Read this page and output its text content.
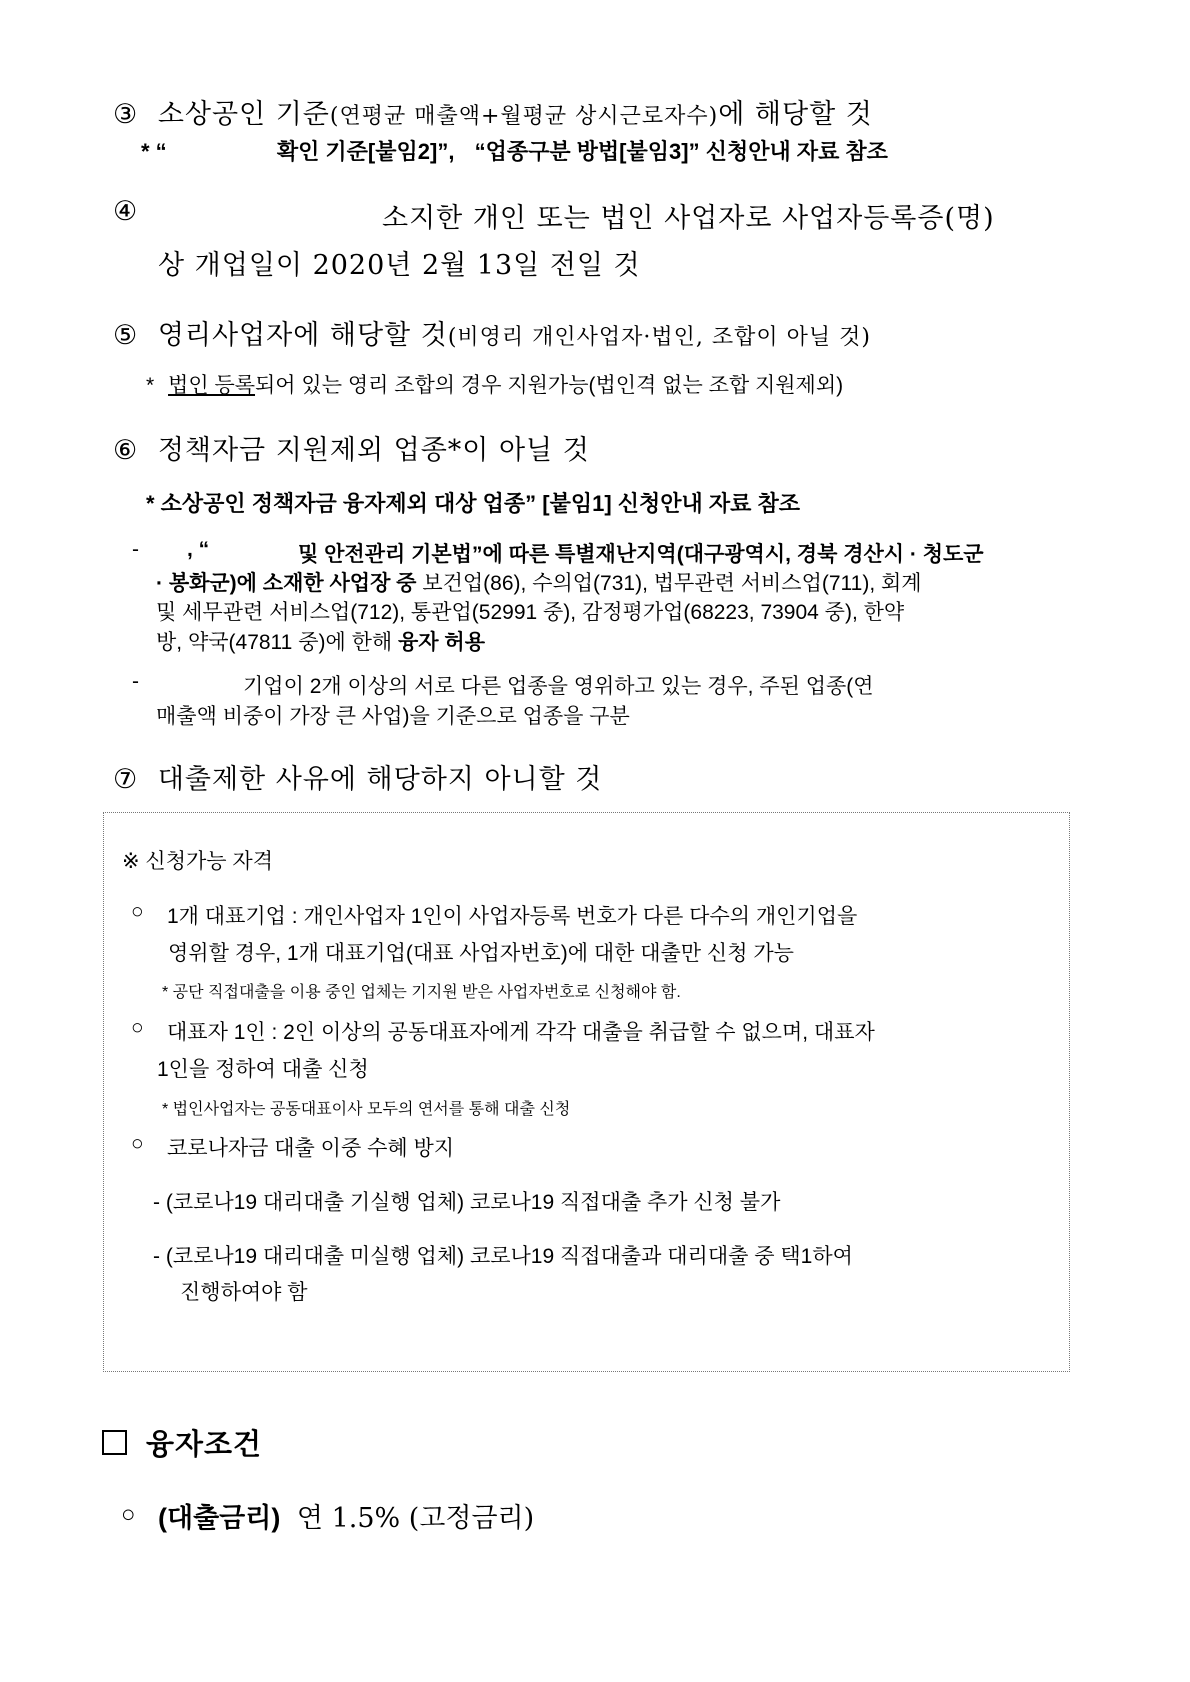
③ 소상공인 기준(연평균 매출액+월평균 상시근로자수)에 해당할 것
* “	확인 기준[붙임2]”, “업종구분 방법[붙임3]” 신청안내 자료 참조
④	소지한 개인 또는 법인 사업자로 사업자등록증(명)
상 개업일이 2020년 2월 13일 전일 것
⑤ 영리사업자에 해당할 것(비영리 개인사업자·법인, 조합이 아닐 것)
* 법인 등록되어 있는 영리 조합의 경우 지원가능(법인격 없는 조합 지원제외)
⑥ 정책자금 지원제외 업종*이 아닐 것
* 소상공인 정책자금 융자제외 대상 업종” [붙임1] 신청안내 자료 참조
- , “	및 안전관리 기본법”에 따른 특별재난지역(대구광역시, 경북 경산시 · 청도군
· 봉화군)에 소재한 사업장 중 보건업(86), 수의업(731), 법무관련 서비스업(711), 회계
및 세무관련 서비스업(712), 통관업(52991 중), 감정평가업(68223, 73904 중), 한약
방, 약국(47811 중)에 한해 융자 허용
-	기업이 2개 이상의 서로 다른 업종을 영위하고 있는 경우, 주된 업종(연
매출액 비중이 가장 큰 사업)을 기준으로 업종을 구분
⑦ 대출제한 사유에 해당하지 아니할 것
※ 신청가능 자격
○ 1개 대표기업 : 개인사업자 1인이 사업자등록 번호가 다른 다수의 개인기업을
영위할 경우, 1개 대표기업(대표 사업자번호)에 대한 대출만 신청 가능
* 공단 직접대출을 이용 중인 업체는 기지원 받은 사업자번호로 신청해야 함.
○ 대표자 1인 : 2인 이상의 공동대표자에게 각각 대출을 취급할 수 없으며, 대표자
1인을 정하여 대출 신청
* 법인사업자는 공동대표이사 모두의 연서를 통해 대출 신청
○ 코로나자금 대출 이중 수혜 방지
- (코로나19 대리대출 기실행 업체) 코로나19 직접대출 추가 신청 불가
- (코로나19 대리대출 미실행 업체) 코로나19 직접대출과 대리대출 중 택1하여
진행하여야 함
융자조건
○ (대출금리) 연 1.5% (고정금리)
